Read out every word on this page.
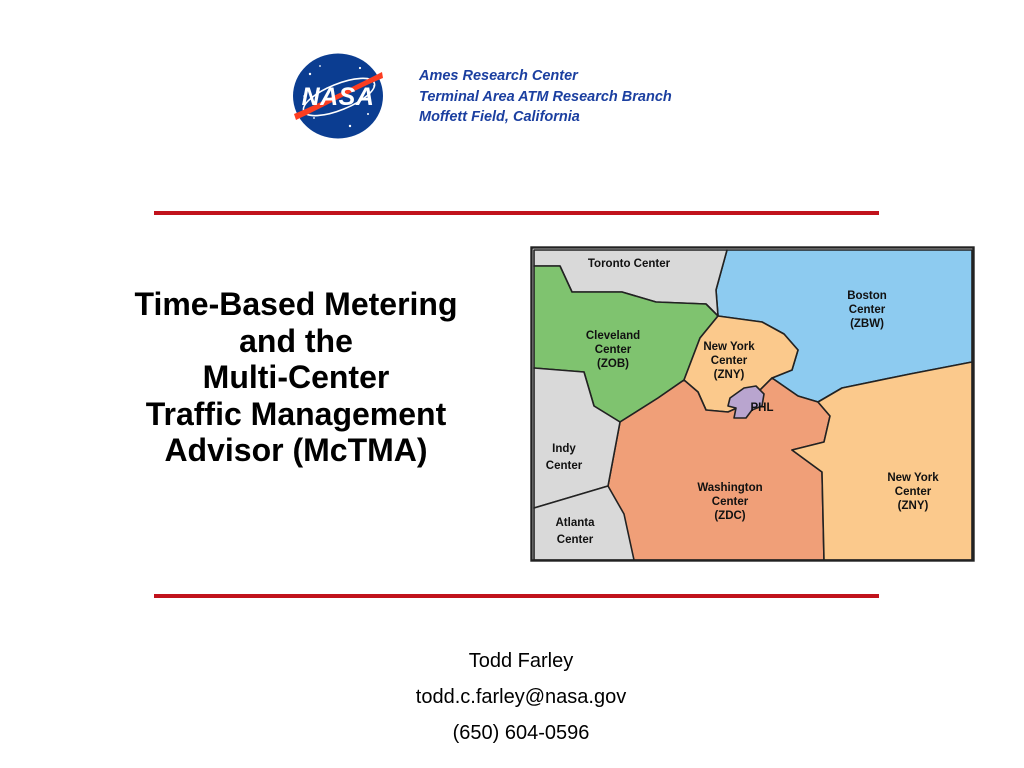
NASA
Ames Research Center
Terminal Area ATM Research Branch
Moffett Field, California
Time-Based Metering
and the
Multi-Center
Traffic Management
Advisor (McTMA)
Toronto Center
Cleveland
Center
(ZOB)
New York
Center
(ZNY)
Boston
Center
(ZBW)
PHL
Indy
Center
Atlanta
Center
Washington
Center
(ZDC)
New York
Center
(ZNY)
Todd Farley
todd.c.farley@nasa.gov
(650) 604-0596
